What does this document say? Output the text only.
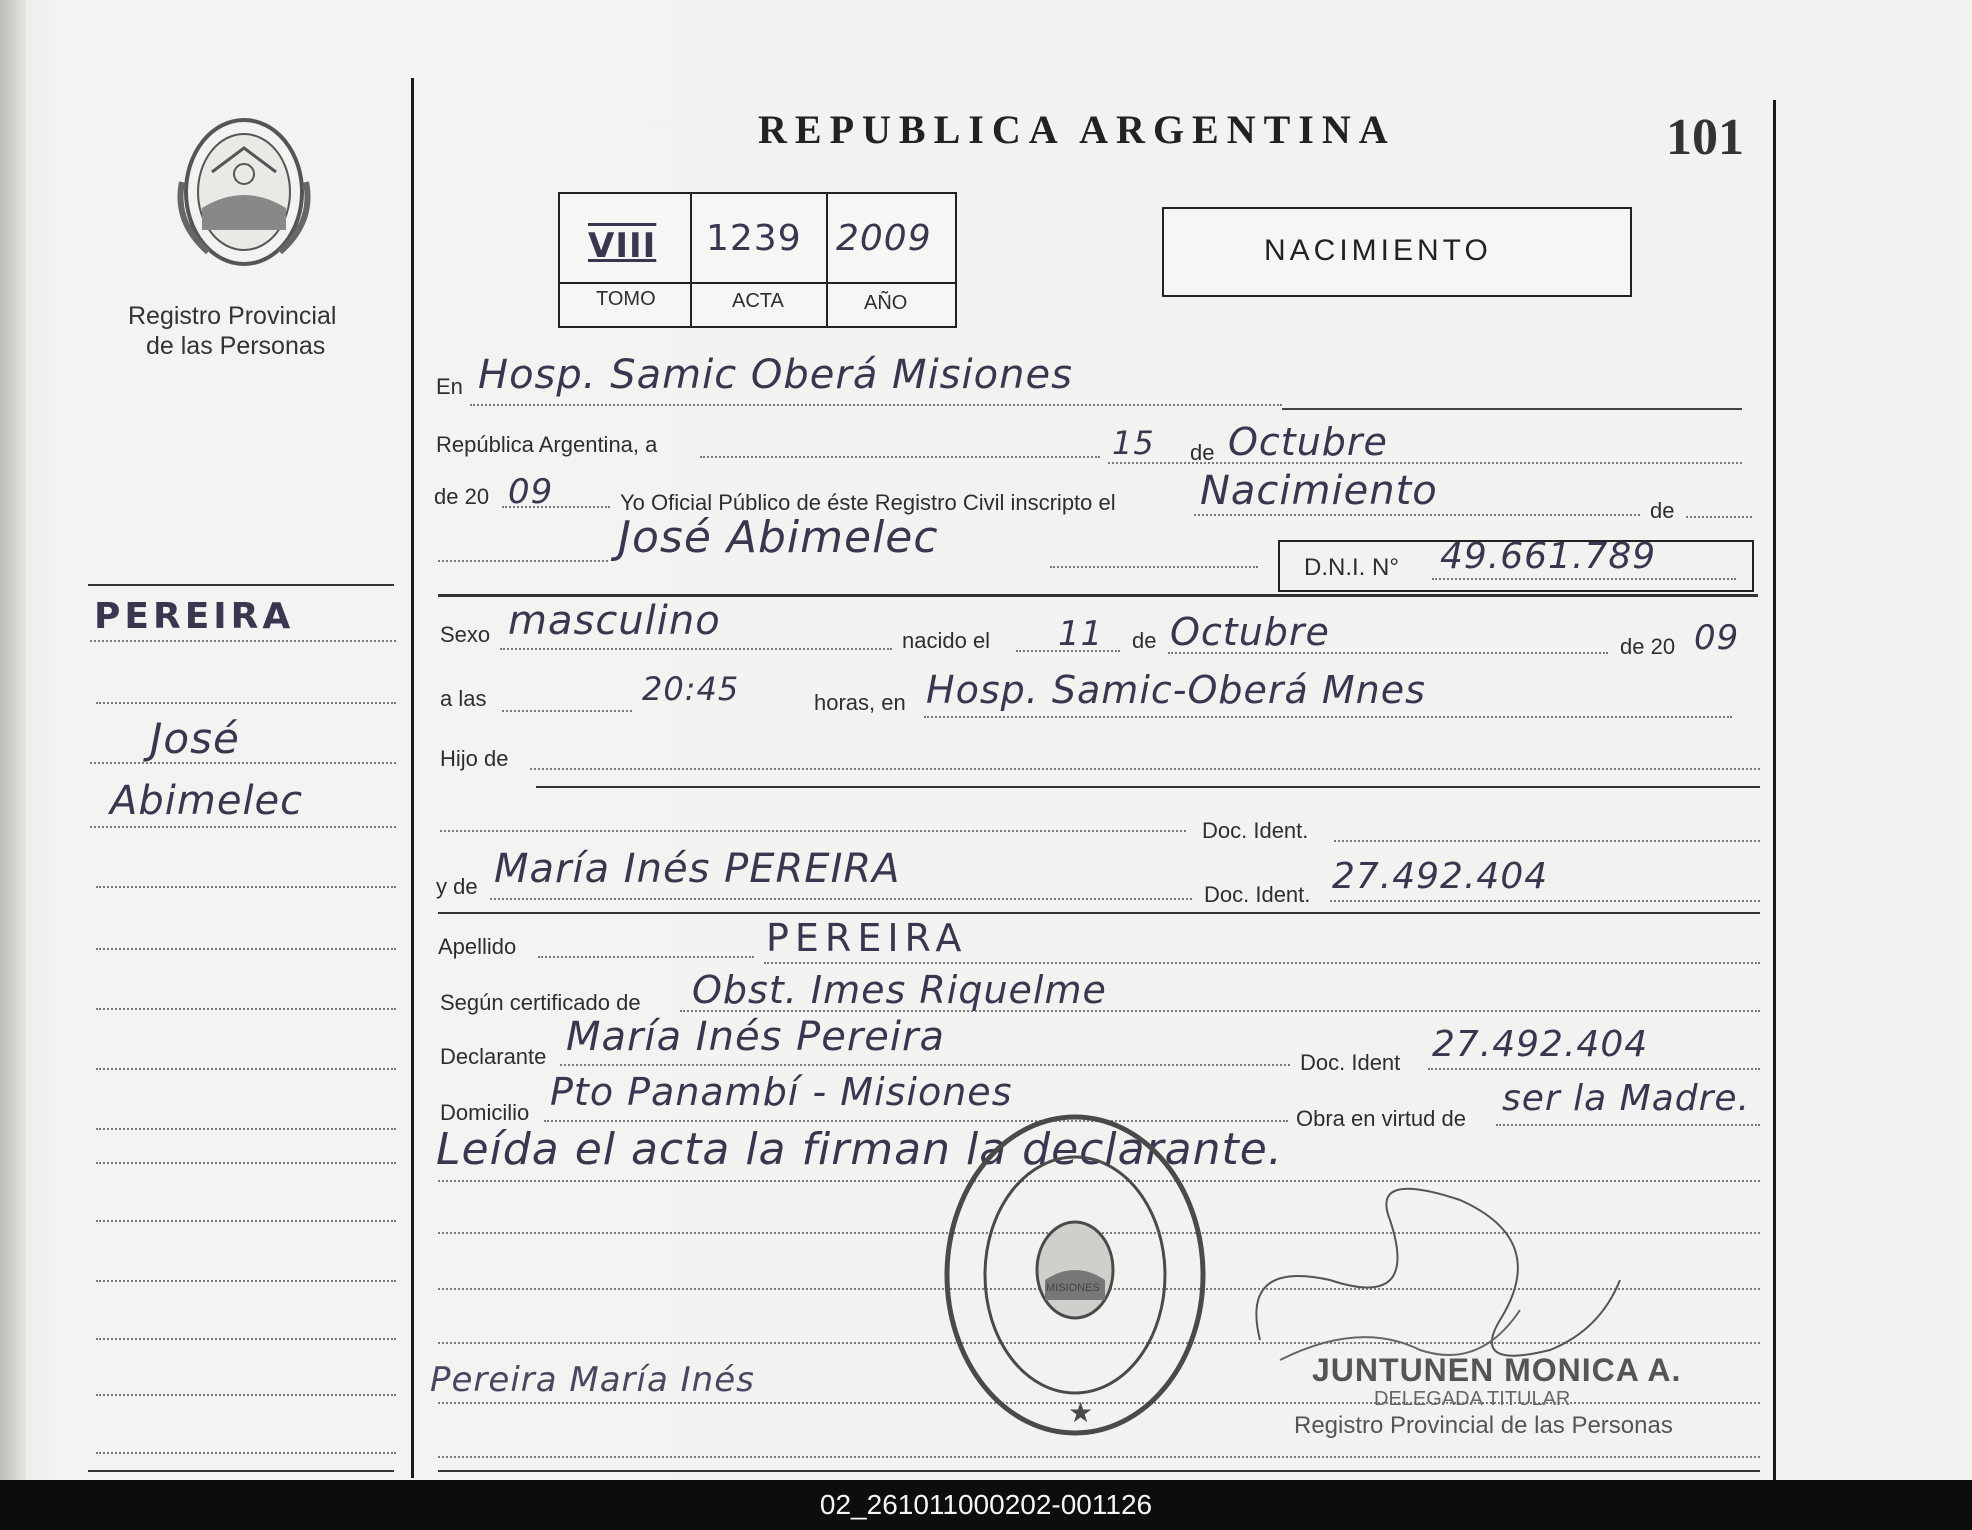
Registro Provincial
de las Personas
REPUBLICA ARGENTINA	101
VIII 1239 2009
TOMO	ACTA	AÑO
NACIMIENTO
PEREIRA
José
Abimelec
En Hosp. Samic Oberá Misiones
República Argentina, a	15 de Octubre
de 20 09	Yo Oficial Público de éste Registro Civil inscripto el Nacimiento	de
José Abimelec
D.N.I. N° 49.661.789
Sexo masculino	nacido el 11 de Octubre	de 20 09
a las	20:45	horas, en Hosp. Samic-Oberá Mnes
Hijo de
Doc. Ident.
y de María Inés PEREIRA
Doc. Ident. 27.492.404
Apellido	PEREIRA
Según certificado de Obst. Imes Riquelme
Declarante María Inés Pereira
Doc. Ident 27.492.404
Domicilio Pto Panambí - Misiones
Obra en virtud de ser la Madre.
Leída el acta la firman la declarante.
Pereira María Inés
★
MISIONES
JUNTUNEN MONICA A.
DELEGADA TITULAR
Registro Provincial de las Personas
02_261011000202-001126
